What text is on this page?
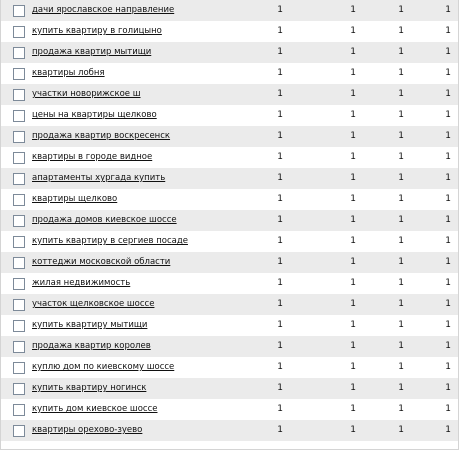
дачи ярославское направление	1	1	1	1
купить квартиру в голицыно	1	1	1	1
продажа квартир мытищи	1	1	1	1
квартиры лобня	1	1	1	1
участки новорижское ш	1	1	1	1
цены на квартиры щелково	1	1	1	1
продажа квартир воскресенск	1	1	1	1
квартиры в городе видное	1	1	1	1
апартаменты хургада купить	1	1	1	1
квартиры щелково	1	1	1	1
продажа домов киевское шоссе	1	1	1	1
купить квартиру в сергиев посаде	1	1	1	1
коттеджи московской области	1	1	1	1
жилая недвижимость	1	1	1	1
участок щелковское шоссе	1	1	1	1
купить квартиру мытищи	1	1	1	1
продажа квартир королев	1	1	1	1
куплю дом по киевскому шоссе	1	1	1	1
купить квартиру ногинск	1	1	1	1
купить дом киевское шоссе	1	1	1	1
квартиры орехово-зуево	1	1	1	1
